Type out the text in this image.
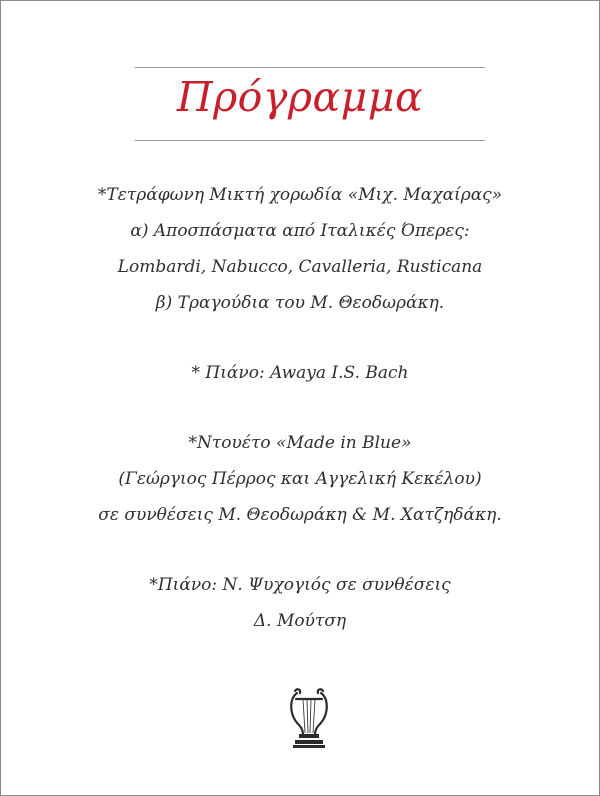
Πρόγραμμα
*Τετράφωνη Μικτή χορωδία «Μιχ. Μαχαίρας»
α) Αποσπάσματα από Ιταλικές Όπερες:
Lombardi, Nabucco, Cavalleria, Rusticana
β) Τραγούδια του Μ. Θεοδωράκη.
* Πιάνο: Awaya I.S. Bach
*Ντουέτο «Made in Blue»
(Γεώργιος Πέρρος και Αγγελική Κεκέλου)
σε συνθέσεις Μ. Θεοδωράκη & Μ. Χατζηδάκη.
*Πιάνο: Ν. Ψυχογιός σε συνθέσεις
Δ. Μούτση
